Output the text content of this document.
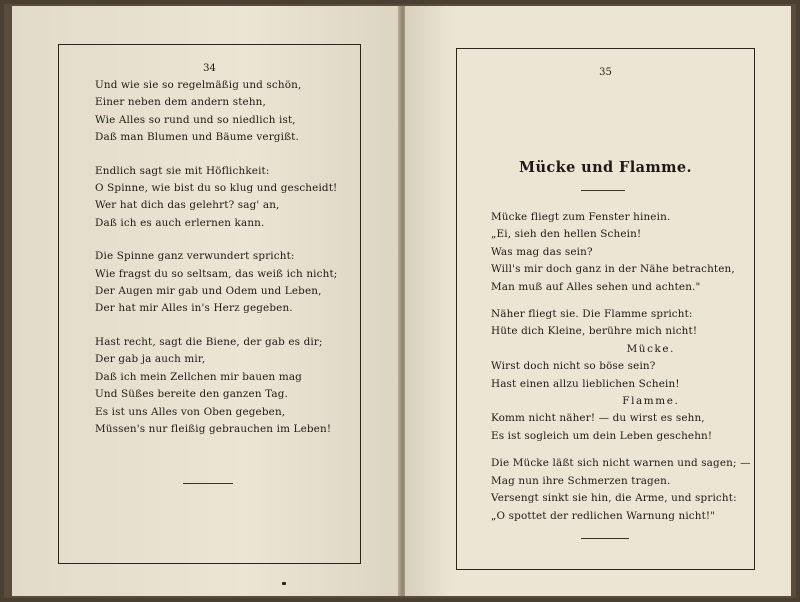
34
Und wie sie so regelmäßig und schön,
Einer neben dem andern stehn,
Wie Alles so rund und so niedlich ist,
Daß man Blumen und Bäume vergißt.
Endlich sagt sie mit Höflichkeit:
O Spinne, wie bist du so klug und gescheidt!
Wer hat dich das gelehrt? sag' an,
Daß ich es auch erlernen kann.
Die Spinne ganz verwundert spricht:
Wie fragst du so seltsam, das weiß ich nicht;
Der Augen mir gab und Odem und Leben,
Der hat mir Alles in's Herz gegeben.
Hast recht, sagt die Biene, der gab es dir;
Der gab ja auch mir,
Daß ich mein Zellchen mir bauen mag
Und Süßes bereite den ganzen Tag.
Es ist uns Alles von Oben gegeben,
Müssen's nur fleißig gebrauchen im Leben!
35
Mücke und Flamme.
Mücke fliegt zum Fenster hinein.
„Ei, sieh den hellen Schein!
Was mag das sein?
Will's mir doch ganz in der Nähe betrachten,
Man muß auf Alles sehen und achten."
Näher fliegt sie. Die Flamme spricht:
Hüte dich Kleine, berühre mich nicht!
Mücke.
Wirst doch nicht so böse sein?
Hast einen allzu lieblichen Schein!
Flamme.
Komm nicht näher! — du wirst es sehn,
Es ist sogleich um dein Leben geschehn!
Die Mücke läßt sich nicht warnen und sagen; —
Mag nun ihre Schmerzen tragen.
Versengt sinkt sie hin, die Arme, und spricht:
„O spottet der redlichen Warnung nicht!"
